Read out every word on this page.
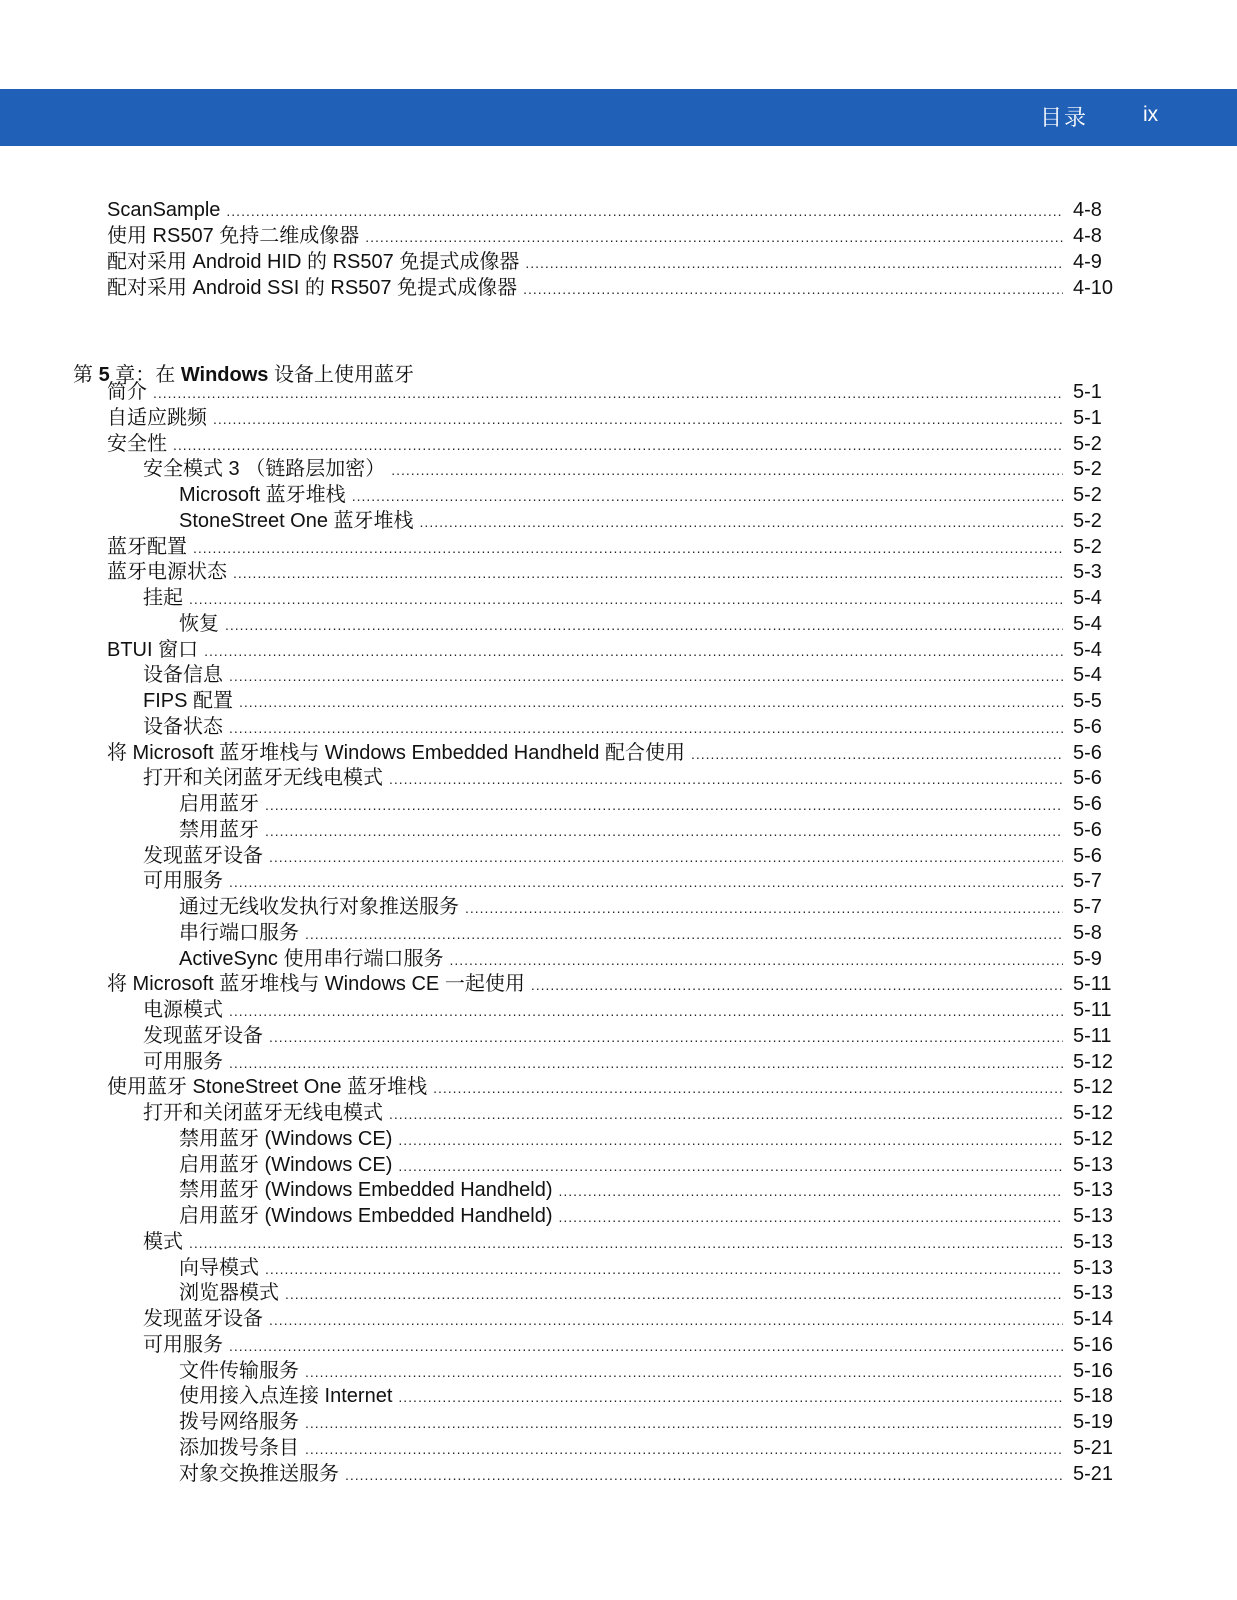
目录	ix
第 5 章：在 Windows 设备上使用蓝牙
ScanSample .....	4-8
使用 RS507 免持二维成像器 .....	4-8
配对采用 Android HID 的 RS507 免提式成像器 .....	4-9
配对采用 Android SSI 的 RS507 免提式成像器 .....	4-10
简介 .....	5-1
自适应跳频 .....	5-1
安全性 .....	5-2
安全模式 3 （链路层加密） .....	5-2
Microsoft 蓝牙堆栈 .....	5-2
StoneStreet One 蓝牙堆栈 .....	5-2
蓝牙配置 .....	5-2
蓝牙电源状态 .....	5-3
挂起 .....	5-4
恢复 .....	5-4
BTUI 窗口 .....	5-4
设备信息 .....	5-4
FIPS 配置 .....	5-5
设备状态 .....	5-6
将 Microsoft 蓝牙堆栈与 Windows Embedded Handheld 配合使用 .....	5-6
打开和关闭蓝牙无线电模式 .....	5-6
启用蓝牙 .....	5-6
禁用蓝牙 .....	5-6
发现蓝牙设备 .....	5-6
可用服务 .....	5-7
通过无线收发执行对象推送服务 .....	5-7
串行端口服务 .....	5-8
ActiveSync 使用串行端口服务 .....	5-9
将 Microsoft 蓝牙堆栈与 Windows CE 一起使用 .....	5-11
电源模式 .....	5-11
发现蓝牙设备 .....	5-11
可用服务 .....	5-12
使用蓝牙 StoneStreet One 蓝牙堆栈 .....	5-12
打开和关闭蓝牙无线电模式 .....	5-12
禁用蓝牙 (Windows CE) .....	5-12
启用蓝牙 (Windows CE) .....	5-13
禁用蓝牙 (Windows Embedded Handheld) .....	5-13
启用蓝牙 (Windows Embedded Handheld) .....	5-13
模式 .....	5-13
向导模式 .....	5-13
浏览器模式 .....	5-13
发现蓝牙设备 .....	5-14
可用服务 .....	5-16
文件传输服务 .....	5-16
使用接入点连接 Internet .....	5-18
拨号网络服务 .....	5-19
添加拨号条目 .....	5-21
对象交换推送服务 .....	5-21
